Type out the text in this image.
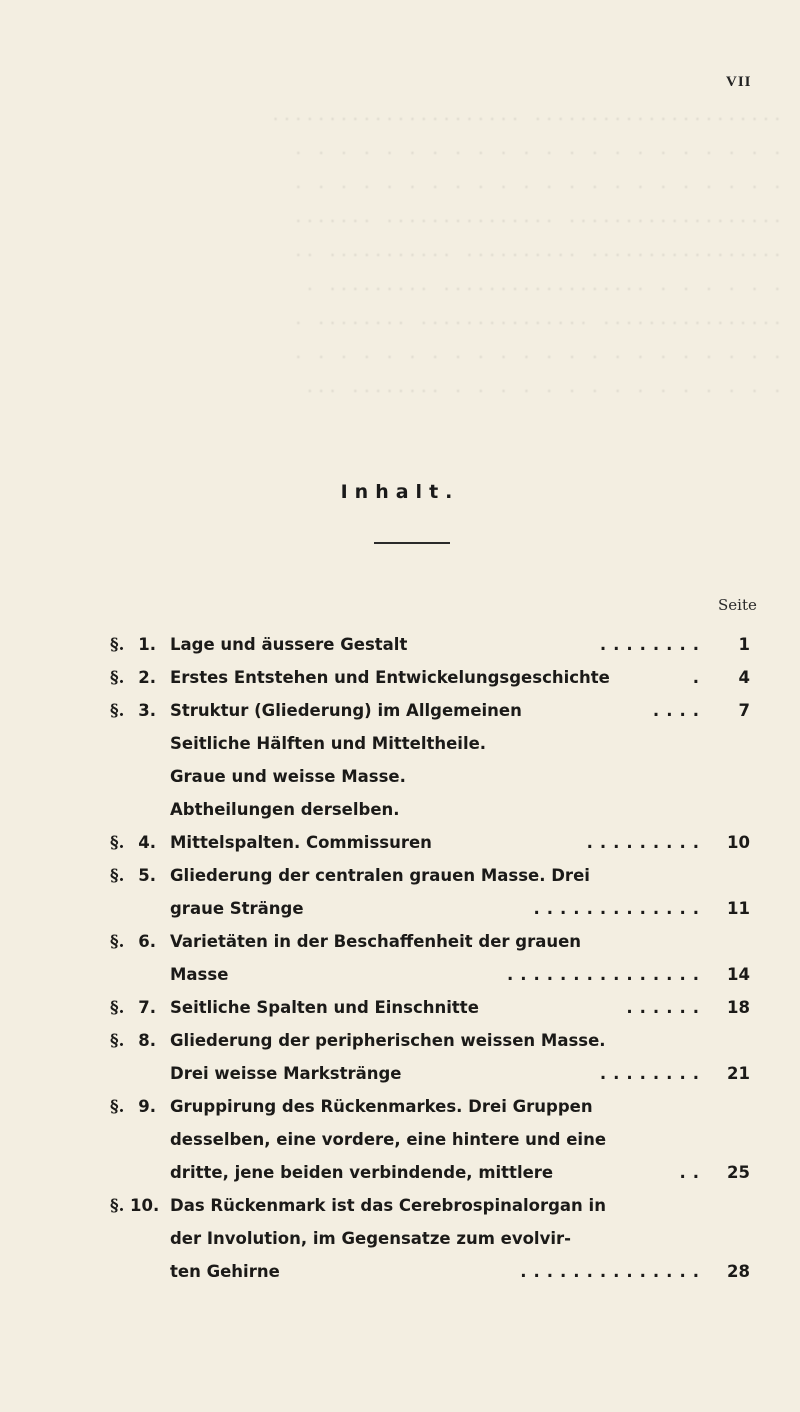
VII
...................... ......................
. . . . . . . . . . . . . . . . . . . . . .
. . . . . . . . . . . . . . . . . . . . . .
................... ............... .......
................. .......... ........... ..
. . . . . . .................. ......... .
................ ............... ........ .
. . . . . . . . . . . . . . . . . . . . . .
. . . . . . . . . . . . . . . ........ ...
Inhalt.
Seite
§. 1. Lage und äussere Gestalt	........	1
§. 2. Erstes Entstehen und Entwickelungsgeschichte	.	4
§. 3. Struktur (Gliederung) im Allgemeinen	....	7
Seitliche Hälften und Mitteltheile.
Graue und weisse Masse.
Abtheilungen derselben.
§. 4. Mittelspalten. Commissuren	.........	10
§. 5. Gliederung der centralen grauen Masse. Drei
graue Stränge	.............	11
§. 6. Varietäten in der Beschaffenheit der grauen
Masse	...............	14
§. 7. Seitliche Spalten und Einschnitte	......	18
§. 8. Gliederung der peripherischen weissen Masse.
Drei weisse Markstränge	........	21
§. 9. Gruppirung des Rückenmarkes. Drei Gruppen
desselben, eine vordere, eine hintere und eine
dritte, jene beiden verbindende, mittlere	..	25
§. 10. Das Rückenmark ist das Cerebrospinalorgan in
der Involution, im Gegensatze zum evolvir-
ten Gehirne	..............	28
